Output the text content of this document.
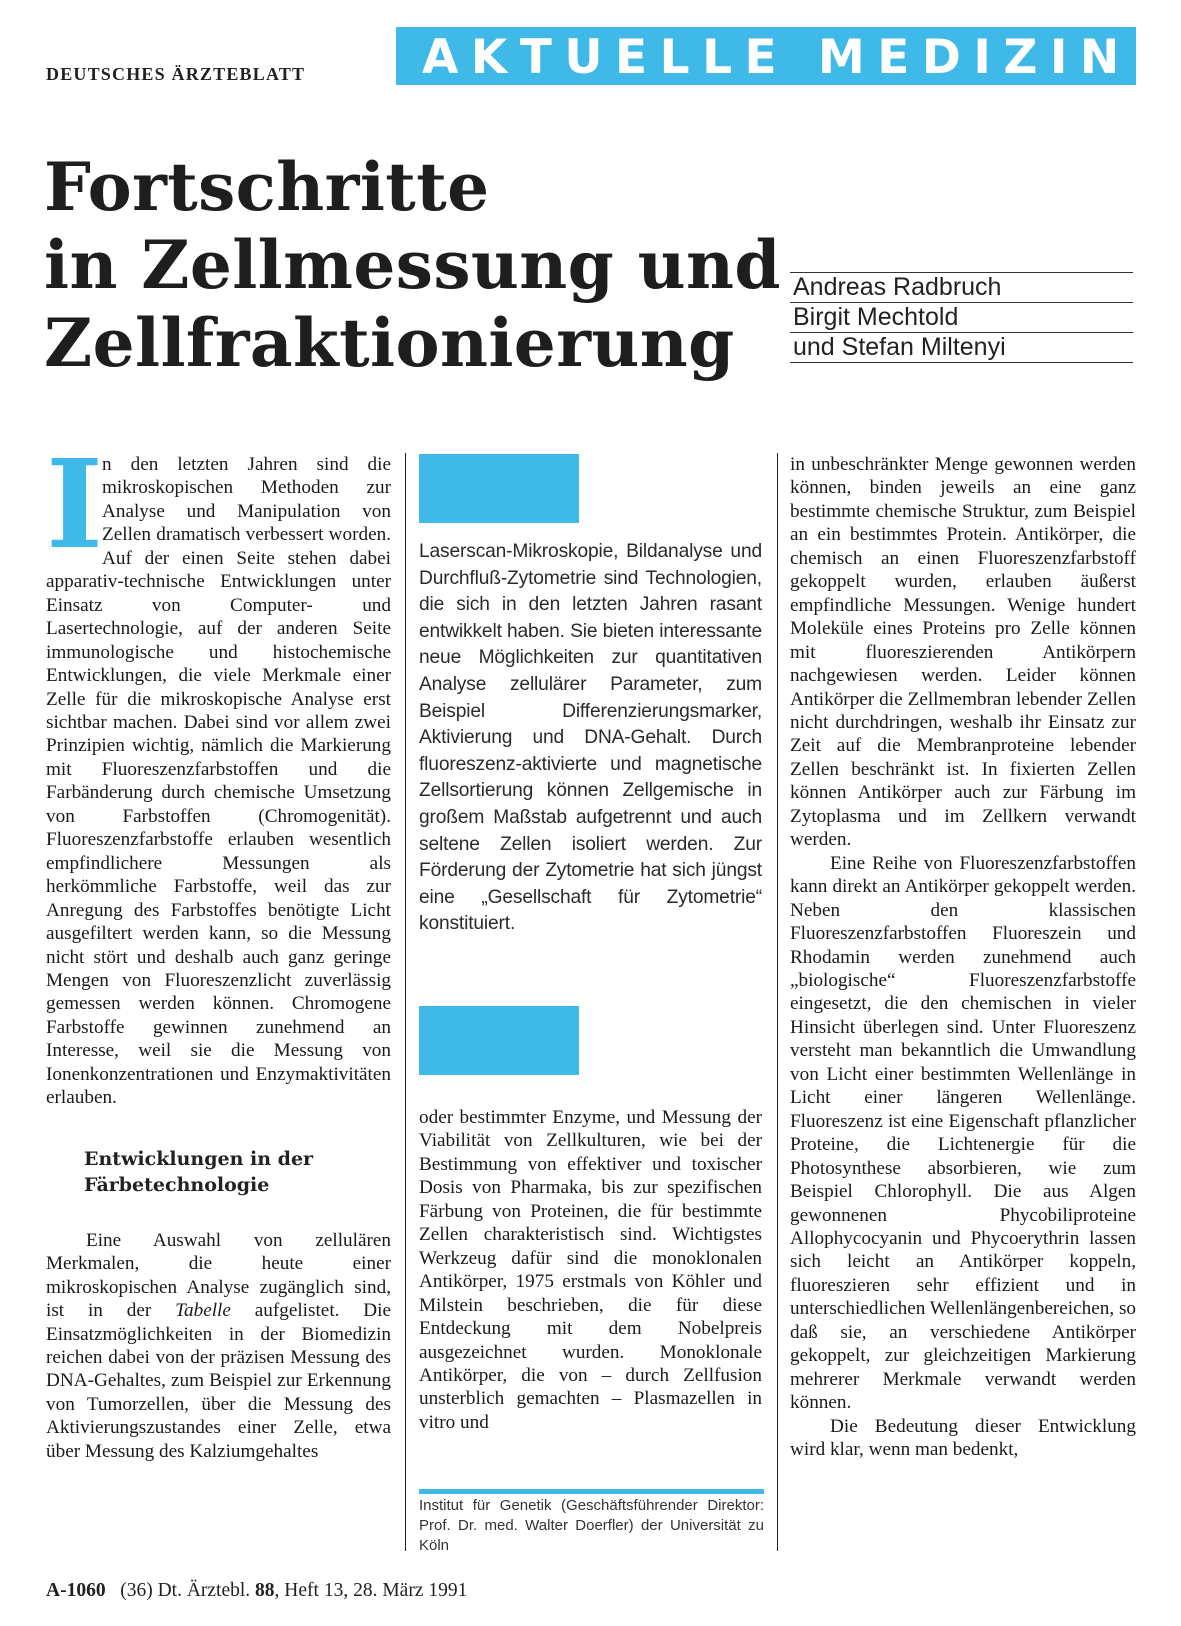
DEUTSCHES ÄRZTEBLATT AKTUELLE MEDIZIN
Fortschritte
in Zellmessung und
Zellfraktionierung
Andreas Radbruch
Birgit Mechtold
und Stefan Miltenyi

I
n den letzten Jahren sind die mikroskopischen Methoden zur Analyse und Manipulation von Zellen dramatisch verbessert worden. Auf der einen Seite stehen dabei apparativ-technische Entwicklungen unter Einsatz von Computer- und Lasertechnologie, auf der anderen Seite immunologische und histochemische Entwicklungen, die viele Merkmale einer Zelle für die mikroskopische Analyse erst sichtbar machen. Dabei sind vor allem zwei Prinzipien wichtig, nämlich die Markierung mit Fluoreszenzfarbstoffen und die Farbänderung durch chemische Umsetzung von Farbstoffen (Chromogenität). Fluoreszenzfarbstoffe erlauben wesentlich empfindlichere Messungen als herkömmliche Farbstoffe, weil das zur Anregung des Farbstoffes benötigte Licht ausgefiltert werden kann, so die Messung nicht stört und deshalb auch ganz geringe Mengen von Fluoreszenzlicht zuverlässig gemessen werden können. Chromogene Farbstoffe gewinnen zunehmend an Interesse, weil sie die Messung von Ionenkonzentrationen und Enzymaktivitäten erlauben.

Entwicklungen in der Färbetechnologie

Eine Auswahl von zellulären Merkmalen, die heute einer mikroskopischen Analyse zugänglich sind, ist in der Tabelle aufgelistet. Die Einsatzmöglichkeiten in der Biomedizin reichen dabei von der präzisen Messung des DNA-Gehaltes, zum Beispiel zur Erkennung von Tumorzellen, über die Messung des Aktivierungszustandes einer Zelle, etwa über Messung des Kalziumgehaltes

Laserscan-Mikroskopie, Bildanalyse und Durchfluß-Zytometrie sind Technologien, die sich in den letzten Jahren rasant entwikkelt haben. Sie bieten interessante neue Möglichkeiten zur quantitativen Analyse zellulärer Parameter, zum Beispiel Differenzierungsmarker, Aktivierung und DNA-Gehalt. Durch fluoreszenz-aktivierte und magnetische Zellsortierung können Zellgemische in großem Maßstab aufgetrennt und auch seltene Zellen isoliert werden. Zur Förderung der Zytometrie hat sich jüngst eine „Gesellschaft für Zytometrie“ konstituiert.

oder bestimmter Enzyme, und Messung der Viabilität von Zellkulturen, wie bei der Bestimmung von effektiver und toxischer Dosis von Pharmaka, bis zur spezifischen Färbung von Proteinen, die für bestimmte Zellen charakteristisch sind. Wichtigstes Werkzeug dafür sind die monoklonalen Antikörper, 1975 erstmals von Köhler und Milstein beschrieben, die für diese Entdeckung mit dem Nobelpreis ausgezeichnet wurden. Monoklonale Antikörper, die von – durch Zellfusion unsterblich gemachten – Plasmazellen in vitro und

Institut für Genetik (Geschäftsführender Direktor: Prof. Dr. med. Walter Doerfler) der Universität zu Köln

in unbeschränkter Menge gewonnen werden können, binden jeweils an eine ganz bestimmte chemische Struktur, zum Beispiel an ein bestimmtes Protein. Antikörper, die chemisch an einen Fluoreszenzfarbstoff gekoppelt wurden, erlauben äußerst empfindliche Messungen. Wenige hundert Moleküle eines Proteins pro Zelle können mit fluoreszierenden Antikörpern nachgewiesen werden. Leider können Antikörper die Zellmembran lebender Zellen nicht durchdringen, weshalb ihr Einsatz zur Zeit auf die Membranproteine lebender Zellen beschränkt ist. In fixierten Zellen können Antikörper auch zur Färbung im Zytoplasma und im Zellkern verwandt werden.

Eine Reihe von Fluoreszenzfarbstoffen kann direkt an Antikörper gekoppelt werden. Neben den klassischen Fluoreszenzfarbstoffen Fluoreszein und Rhodamin werden zunehmend auch „biologische“ Fluoreszenzfarbstoffe eingesetzt, die den chemischen in vieler Hinsicht überlegen sind. Unter Fluoreszenz versteht man bekanntlich die Umwandlung von Licht einer bestimmten Wellenlänge in Licht einer längeren Wellenlänge. Fluoreszenz ist eine Eigenschaft pflanzlicher Proteine, die Lichtenergie für die Photosynthese absorbieren, wie zum Beispiel Chlorophyll. Die aus Algen gewonnenen Phycobiliproteine Allophycocyanin und Phycoerythrin lassen sich leicht an Antikörper koppeln, fluoreszieren sehr effizient und in unterschiedlichen Wellenlängenbereichen, so daß sie, an verschiedene Antikörper gekoppelt, zur gleichzeitigen Markierung mehrerer Merkmale verwandt werden können.

Die Bedeutung dieser Entwicklung wird klar, wenn man bedenkt,

A-1060 (36) Dt. Ärztebl. 88, Heft 13, 28. März 1991
